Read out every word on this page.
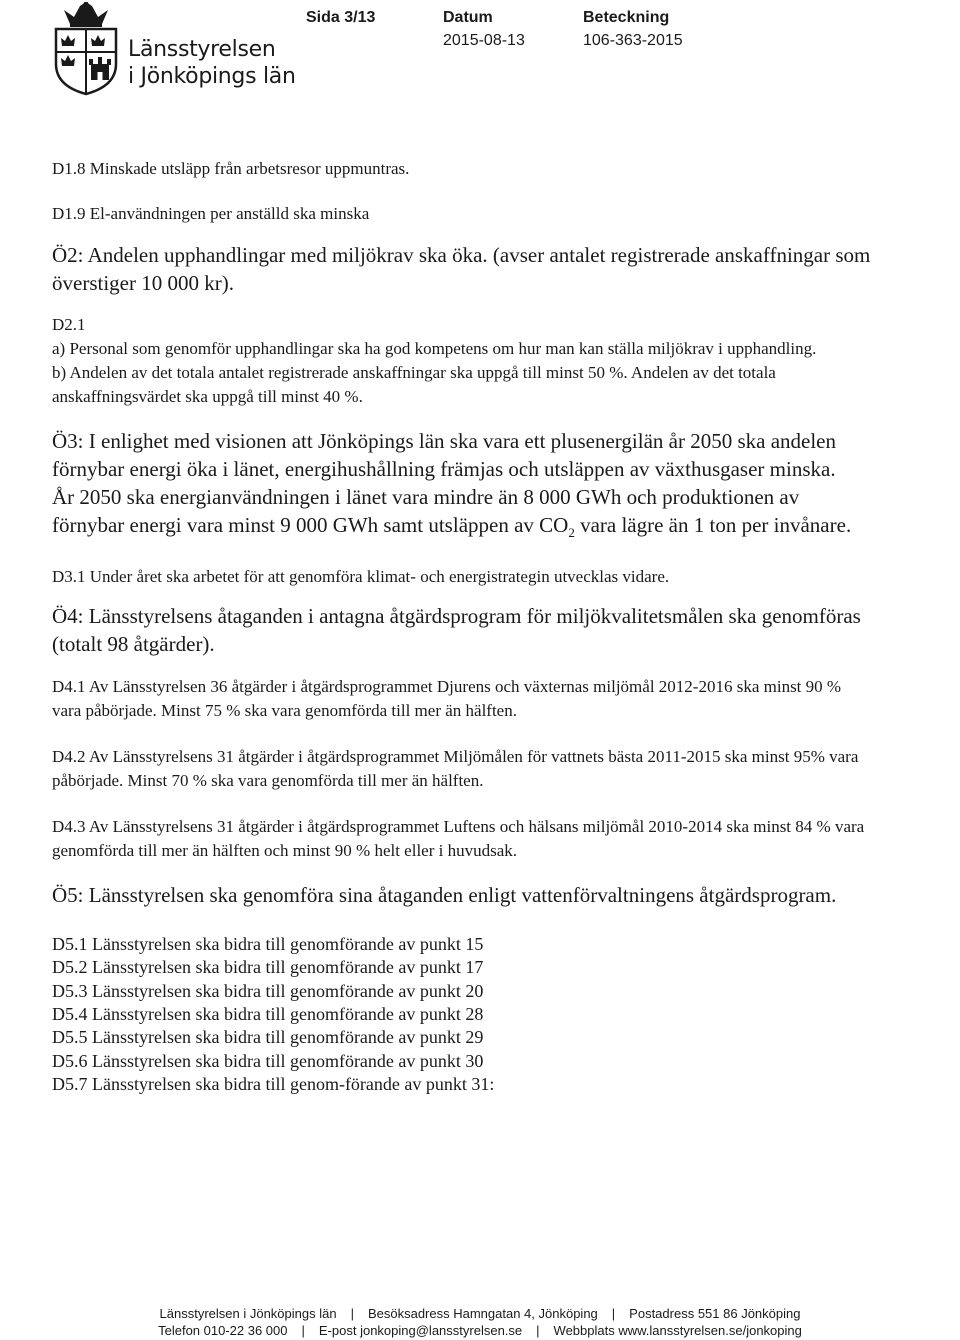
Länsstyrelsen
i Jönköpings län
Sida 3/13	Datum
2015-08-13
Beteckning
106-363-2015

D1.8 Minskade utsläpp från arbetsresor uppmuntras.

D1.9 El-användningen per anställd ska minska

Ö2: Andelen upphandlingar med miljökrav ska öka. (avser antalet registrerade anskaffningar som överstiger 10 000 kr).

D2.1

a) Personal som genomför upphandlingar ska ha god kompetens om hur man kan ställa miljökrav i upphandling.

b) Andelen av det totala antalet registrerade anskaffningar ska uppgå till minst 50 %. Andelen av det totala anskaffningsvärdet ska uppgå till minst 40 %.

Ö3: I enlighet med visionen att Jönköpings län ska vara ett plusenergilän år 2050 ska andelen förnybar energi öka i länet, energihushållning främjas och utsläppen av växthusgaser minska.

År 2050 ska energianvändningen i länet vara mindre än 8 000 GWh och produktionen av förnybar energi vara minst 9 000 GWh samt utsläppen av $CO_2$ vara lägre än 1 ton per invånare.

D3.1 Under året ska arbetet för att genomföra klimat- och energistrategin utvecklas vidare.

Ö4: Länsstyrelsens åtaganden i antagna åtgärdsprogram för miljökvalitetsmålen ska genomföras (totalt 98 åtgärder).

D4.1 Av Länsstyrelsen 36 åtgärder i åtgärdsprogrammet Djurens och växternas miljömål 2012-2016 ska minst 90 % vara påbörjade. Minst 75 % ska vara genomförda till mer än hälften.

D4.2 Av Länsstyrelsens 31 åtgärder i åtgärdsprogrammet Miljömålen för vattnets bästa 2011-2015 ska minst 95% vara påbörjade. Minst 70 % ska vara genomförda till mer än hälften.

D4.3 Av Länsstyrelsens 31 åtgärder i åtgärdsprogrammet Luftens och hälsans miljömål 2010-2014 ska minst 84 % vara genomförda till mer än hälften och minst 90 % helt eller i huvudsak.

Ö5: Länsstyrelsen ska genomföra sina åtaganden enligt vattenförvaltningens åtgärdsprogram.

D5.1 Länsstyrelsen ska bidra till genomförande av punkt 15

D5.2 Länsstyrelsen ska bidra till genomförande av punkt 17

D5.3 Länsstyrelsen ska bidra till genomförande av punkt 20

D5.4 Länsstyrelsen ska bidra till genomförande av punkt 28

D5.5 Länsstyrelsen ska bidra till genomförande av punkt 29

D5.6 Länsstyrelsen ska bidra till genomförande av punkt 30

D5.7 Länsstyrelsen ska bidra till genom-förande av punkt 31:

Länsstyrelsen i Jönköpings län | Besöksadress Hamngatan 4, Jönköping | Postadress 551 86 Jönköping
Telefon 010-22 36 000 | E-post jonkoping@lansstyrelsen.se | Webbplats www.lansstyrelsen.se/jonkoping
